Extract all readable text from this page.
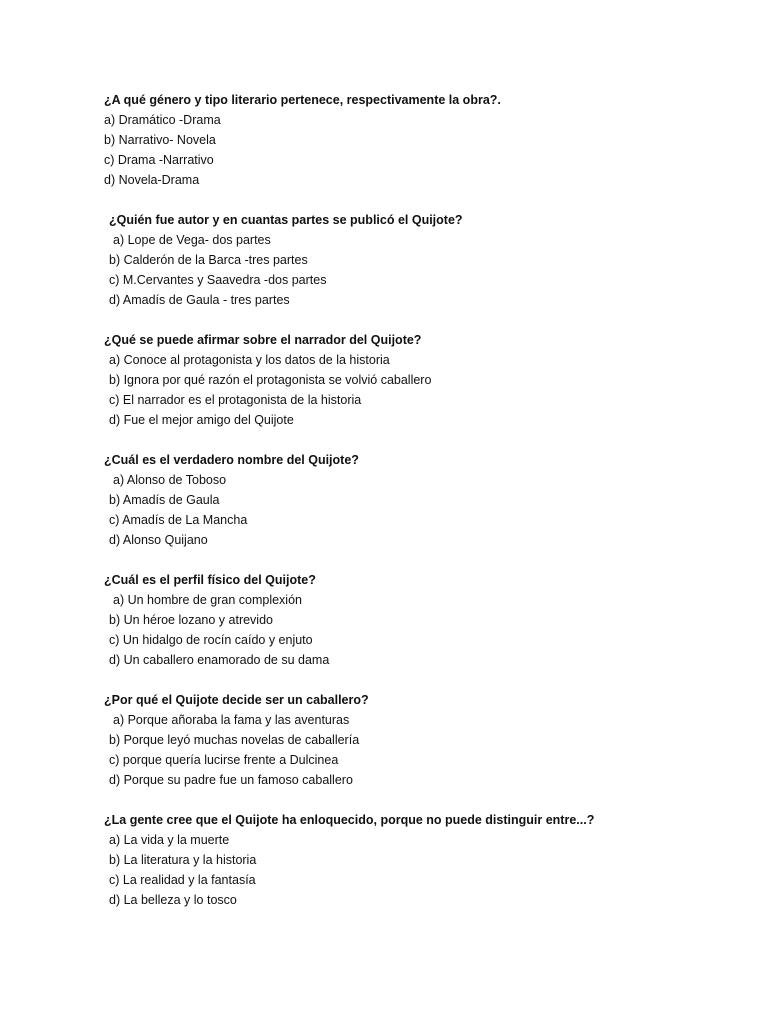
¿A qué género y tipo literario pertenece, respectivamente la obra?.
a) Dramático -Drama
b) Narrativo- Novela
c) Drama -Narrativo
d) Novela-Drama
¿Quién fue autor y en cuantas partes se publicó el Quijote?
a) Lope de Vega- dos partes
b) Calderón de la Barca -tres partes
c) M.Cervantes y Saavedra -dos partes
d) Amadís de Gaula - tres partes
¿Qué se puede afirmar sobre el narrador del Quijote?
a) Conoce al protagonista y los datos de la historia
b) Ignora por qué razón el protagonista se volvió caballero
c) El narrador es el protagonista de la historia
d) Fue el mejor amigo del Quijote
¿Cuál es el verdadero nombre del Quijote?
a) Alonso de Toboso
b) Amadís de Gaula
c) Amadís de La Mancha
d) Alonso Quijano
¿Cuál es el perfil físico del Quijote?
a) Un hombre de gran complexión
b) Un héroe lozano y atrevido
c) Un hidalgo de rocín caído y enjuto
d) Un caballero enamorado de su dama
¿Por qué el Quijote decide ser un caballero?
a) Porque añoraba la fama y las aventuras
b) Porque leyó muchas novelas de caballería
c) porque quería lucirse frente a Dulcinea
d) Porque su padre fue un famoso caballero
¿La gente cree que el Quijote ha enloquecido, porque no puede distinguir entre...?
a) La vida y la muerte
b) La literatura y la historia
c) La realidad y la fantasía
d) La belleza y lo tosco
